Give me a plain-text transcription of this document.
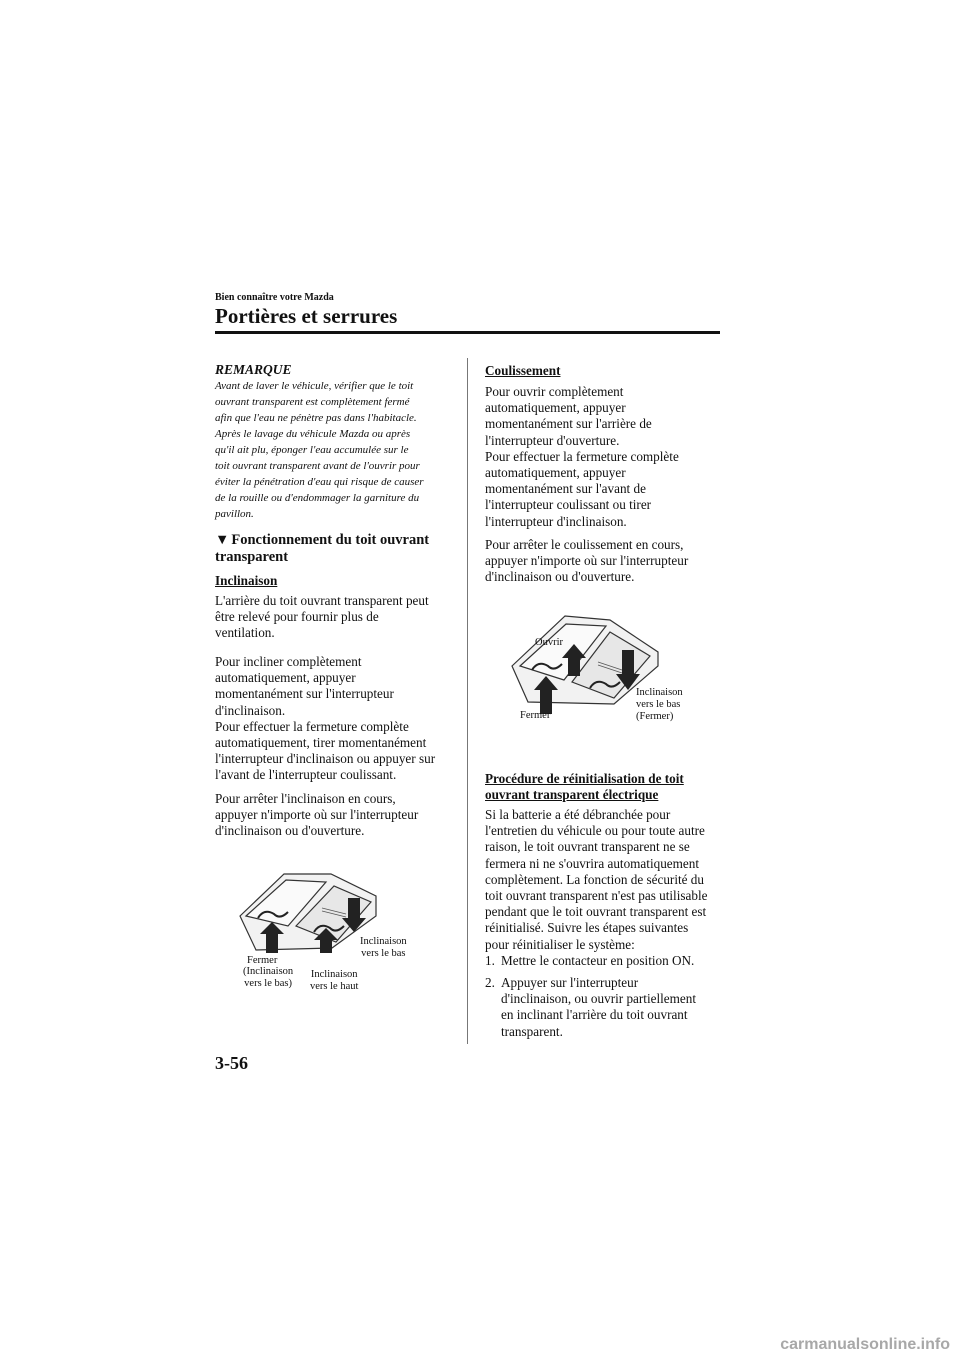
Bien connaître votre Mazda
Portières et serrures
REMARQUE
Avant de laver le véhicule, vérifier que le toit
ouvrant transparent est complètement fermé
afin que l'eau ne pénètre pas dans l'habitacle.
Après le lavage du véhicule Mazda ou après
qu'il ait plu, éponger l'eau accumulée sur le
toit ouvrant transparent avant de l'ouvrir pour
éviter la pénétration d'eau qui risque de causer
de la rouille ou d'endommager la garniture du
pavillon.
▼ Fonctionnement du toit ouvrant
transparent
Inclinaison

L'arrière du toit ouvrant transparent peut
être relevé pour fournir plus de
ventilation.

Pour incliner complètement
automatiquement, appuyer
momentanément sur l'interrupteur
d'inclinaison.
Pour effectuer la fermeture complète
automatiquement, tirer momentanément
l'interrupteur d'inclinaison ou appuyer sur
l'avant de l'interrupteur coulissant.

Pour arrêter l'inclinaison en cours,
appuyer n'importe où sur l'interrupteur
d'inclinaison ou d'ouverture.

Fermer
(Inclinaison
vers le bas)
Inclinaison
vers le haut
Inclinaison
vers le bas
Coulissement

Pour ouvrir complètement
automatiquement, appuyer
momentanément sur l'arrière de
l'interrupteur d'ouverture.
Pour effectuer la fermeture complète
automatiquement, appuyer
momentanément sur l'avant de
l'interrupteur coulissant ou tirer
l'interrupteur d'inclinaison.

Pour arrêter le coulissement en cours,
appuyer n'importe où sur l'interrupteur
d'inclinaison ou d'ouverture.

Ouvrir
Fermer
Inclinaison
vers le bas
(Fermer)
Procédure de réinitialisation de toit
ouvrant transparent électrique

Si la batterie a été débranchée pour
l'entretien du véhicule ou pour toute autre
raison, le toit ouvrant transparent ne se
fermera ni ne s'ouvrira automatiquement
complètement. La fonction de sécurité du
toit ouvrant transparent n'est pas utilisable
pendant que le toit ouvrant transparent est
réinitialisé. Suivre les étapes suivantes
pour réinitialiser le système:

1. Mettre le contacteur en position ON.
2. Appuyer sur l'interrupteur
d'inclinaison, ou ouvrir partiellement
en inclinant l'arrière du toit ouvrant
transparent.
3-56
carmanualsonline.info
